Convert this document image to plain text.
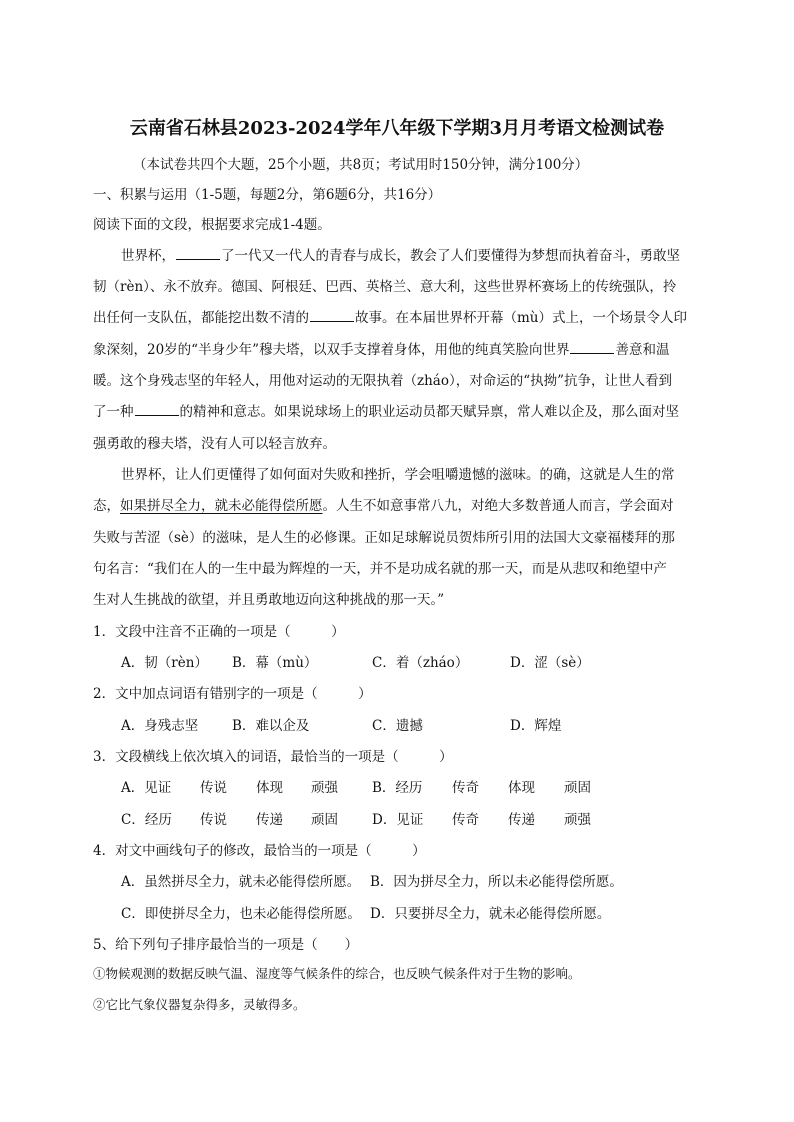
云南省石林县2023-2024学年八年级下学期3月月考语文检测试卷
（本试卷共四个大题，25个小题，共8页；考试用时150分钟，满分100分）
一、积累与运用（1-5题，每题2分，第6题6分，共16分）
阅读下面的文段，根据要求完成1-4题。
世界杯，	了一代又一代人的青春与成长，教会了人们要懂得为梦想而执着奋斗，勇敢坚
韧（rèn）、永不放弃。德国、阿根廷、巴西、英格兰、意大利，这些世界杯赛场上的传统强队，拎
出任何一支队伍，都能挖出数不清的	故事。在本届世界杯开幕（mù）式上，一个场景令人印
象深刻，20岁的“半身少年”穆夫塔，以双手支撑着身体，用他的纯真笑脸向世界	善意和温
暖。这个身残志坚的年轻人，用他对运动的无限执着（zháo），对命运的“执拗”抗争，让世人看到
了一种	的精神和意志。如果说球场上的职业运动员都天赋异禀，常人难以企及，那么面对坚
强勇敢的穆夫塔，没有人可以轻言放弃。
世界杯，让人们更懂得了如何面对失败和挫折，学会咀嚼遗憾的滋味。的确，这就是人生的常
态，如果拼尽全力，就未必能得偿所愿。人生不如意事常八九，对绝大多数普通人而言，学会面对
失败与苦涩（sè）的滋味，是人生的必修课。正如足球解说员贺炜所引用的法国大文豪福楼拜的那
句名言：“我们在人的一生中最为辉煌的一天，并不是功成名就的那一天，而是从悲叹和绝望中产
生对人生挑战的欲望，并且勇敢地迈向这种挑战的那一天。”
1．文段中注音不正确的一项是（　　　）
A．韧（rèn） B．幕（mù）	C．着（zháo）	D．涩（sè）
2．文中加点词语有错别字的一项是（　　　）
A．身残志坚	B．难以企及	C．遗撼	D．辉煌
3．文段横线上依次填入的词语，最恰当的一项是（　　　）
A．见证 传说 体现 顽强	B．经历 传奇 体现 顽固
C．经历 传说 传递 顽固	D．见证 传奇 传递 顽强
4．对文中画线句子的修改，最恰当的一项是（　　　）
A．虽然拼尽全力，就未必能得偿所愿。 B．因为拼尽全力，所以未必能得偿所愿。
C．即使拼尽全力，也未必能得偿所愿。 D．只要拼尽全力，就未必能得偿所愿。
5、给下列句子排序最恰当的一项是（　　）
①物候观测的数据反映气温、湿度等气候条件的综合，也反映气候条件对于生物的影响。
②它比气象仪器复杂得多，灵敏得多。
